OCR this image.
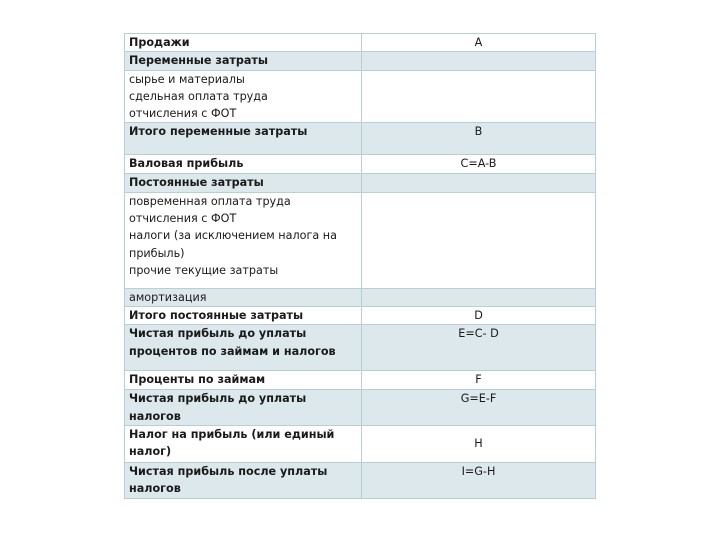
Продажи	A
Переменные затраты	
сырье и материалы
сдельная оплата труда
отчисления с ФОТ	
Итого переменные затраты	B
Валовая прибыль	C=A-B
Постоянные затраты	
повременная оплата труда
отчисления с ФОТ
налоги (за исключением налога на прибыль)
прочие текущие затраты	
амортизация	
Итого постоянные затраты	D
Чистая прибыль до уплаты процентов по займам и налогов	E=C- D
Проценты по займам	F
Чистая прибыль до уплаты налогов	G=E-F
Налог на прибыль (или единый налог)	H
Чистая прибыль после уплаты налогов	I=G-H
